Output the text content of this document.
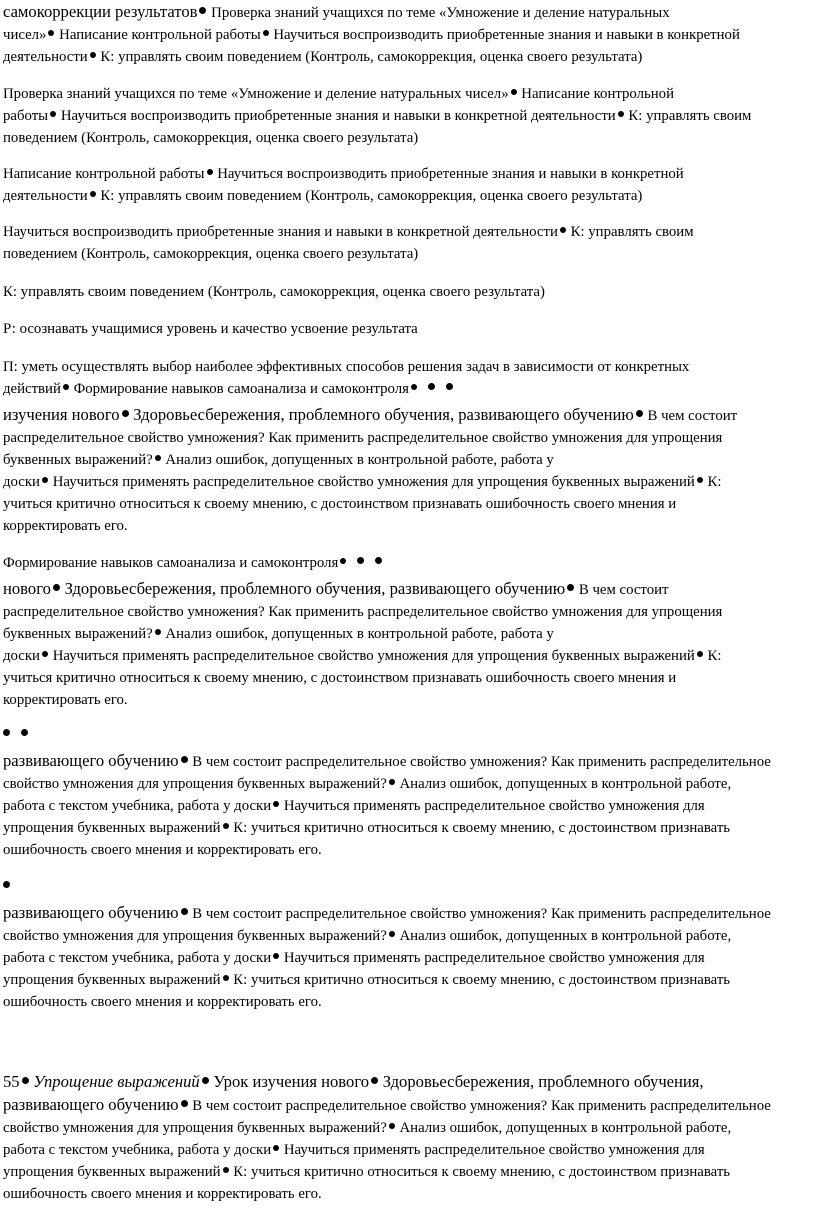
самокоррекции результатов Проверка знаний учащихся по теме «Умножение и деление натуральных
чисел» Написание контрольной работы Научиться воспроизводить приобретенные знания и навыки в конкретной
деятельности К: управлять своим поведением (Контроль, самокоррекция, оценка своего результата)
Проверка знаний учащихся по теме «Умножение и деление натуральных чисел» Написание контрольной
работы Научиться воспроизводить приобретенные знания и навыки в конкретной деятельности К: управлять своим
поведением (Контроль, самокоррекция, оценка своего результата)
Написание контрольной работы Научиться воспроизводить приобретенные знания и навыки в конкретной
деятельности К: управлять своим поведением (Контроль, самокоррекция, оценка своего результата)
Научиться воспроизводить приобретенные знания и навыки в конкретной деятельности К: управлять своим
поведением (Контроль, самокоррекция, оценка своего результата)
К: управлять своим поведением (Контроль, самокоррекция, оценка своего результата)
Р: осознавать учащимися уровень и качество усвоение результата
П: уметь осуществлять выбор наиболее эффективных способов решения задач в зависимости от конкретных
действий Формирование навыков самоанализа и самоконтроля
изучения нового Здоровьесбережения, проблемного обучения, развивающего обучению В чем состоит
распределительное свойство умножения? Как применить распределительное свойство умножения для упрощения
буквенных выражений? Анализ ошибок, допущенных в контрольной работе, работа у
доски Научиться применять распределительное свойство умножения для упрощения буквенных выражений К:
учиться критично относиться к своему мнению, с достоинством признавать ошибочность своего мнения и
корректировать его.
Формирование навыков самоанализа и самоконтроля
нового Здоровьесбережения, проблемного обучения, развивающего обучению В чем состоит
распределительное свойство умножения? Как применить распределительное свойство умножения для упрощения
буквенных выражений? Анализ ошибок, допущенных в контрольной работе, работа у
доски Научиться применять распределительное свойство умножения для упрощения буквенных выражений К:
учиться критично относиться к своему мнению, с достоинством признавать ошибочность своего мнения и
корректировать его.
развивающего обучению В чем состоит распределительное свойство умножения? Как применить распределительное
свойство умножения для упрощения буквенных выражений? Анализ ошибок, допущенных в контрольной работе,
работа с текстом учебника, работа у доски Научиться применять распределительное свойство умножения для
упрощения буквенных выражений К: учиться критично относиться к своему мнению, с достоинством признавать
ошибочность своего мнения и корректировать его.
развивающего обучению В чем состоит распределительное свойство умножения? Как применить распределительное
свойство умножения для упрощения буквенных выражений? Анализ ошибок, допущенных в контрольной работе,
работа с текстом учебника, работа у доски Научиться применять распределительное свойство умножения для
упрощения буквенных выражений К: учиться критично относиться к своему мнению, с достоинством признавать
ошибочность своего мнения и корректировать его.
55 Упрощение выражений Урок изучения нового Здоровьесбережения, проблемного обучения,
развивающего обучению В чем состоит распределительное свойство умножения? Как применить распределительное
свойство умножения для упрощения буквенных выражений? Анализ ошибок, допущенных в контрольной работе,
работа с текстом учебника, работа у доски Научиться применять распределительное свойство умножения для
упрощения буквенных выражений К: учиться критично относиться к своему мнению, с достоинством признавать
ошибочность своего мнения и корректировать его.
